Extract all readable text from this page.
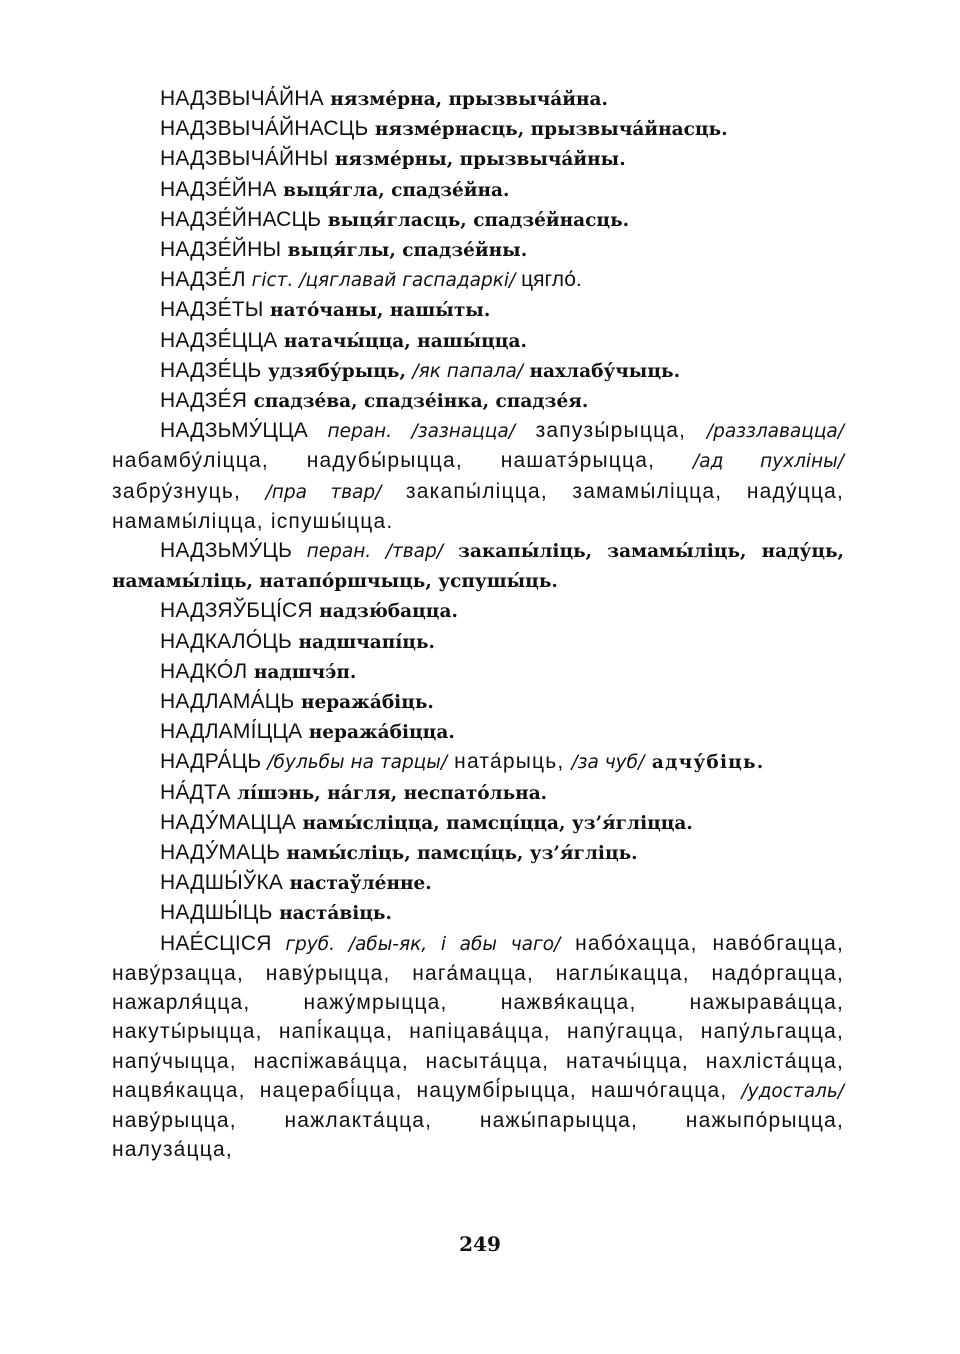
НАДЗВЫЧА́ЙНА нязме́рна, прызвыча́йна.

НАДЗВЫЧА́ЙНАСЦЬ нязме́рнасць, прызвыча́йнасць.

НАДЗВЫЧА́ЙНЫ нязме́рны, прызвыча́йны.

НАДЗЕ́ЙНА выця́гла, спадзе́йна.

НАДЗЕ́ЙНАСЦЬ выця́гласць, спадзе́йнасць.

НАДЗЕ́ЙНЫ выця́глы, спадзе́йны.

НАДЗЕ́Л гіст. /цяглавай гаспадаркі/ цягло́.

НАДЗЕ́ТЫ нато́чаны, нашы́ты.

НАДЗЕ́ЦЦА натачы́цца, нашы́цца.

НАДЗЕ́ЦЬ удзябу́рыць, /як папала/ нахлабу́чыць.

НАДЗЕ́Я спадзе́ва, спадзе́інка, спадзе́я.

НАДЗЬМУ́ЦЦА перан. /зазнацца/ запузы́рыцца, /раззлавацца/ набамбу́ліцца, надубы́рыцца, нашатэ́рыцца, /ад пухліны/ забру́знуць, /пра твар/ закапы́ліцца, замамы́ліцца, наду́цца, намамы́ліцца, іспушы́цца.

НАДЗЬМУ́ЦЬ перан. /твар/ закапы́ліць, замамы́ліць, наду́ць, намамы́ліць, натапо́ршчыць, успушы́ць.

НАДЗЯЎБЦІ́СЯ надзю́бацца.

НАДКАЛО́ЦЬ надшчапі́ць.

НАДКО́Л надшчэ́п.

НАДЛАМА́ЦЬ неража́біць.

НАДЛАМІ́ЦЦА неража́біцца.

НАДРА́ЦЬ /бульбы на тарцы/ ната́рыць, /за чуб/ адчу́біць.

НА́ДТА лі́шэнь, на́гля, неспато́льна.

НАДУ́МАЦЦА намы́сліцца, памсці́цца, уз’я́гліцца.

НАДУ́МАЦЬ намы́сліць, памсці́ць, уз’я́гліць.

НАДШЫ́ЎКА настаўле́нне.

НАДШЫ́ЦЬ наста́віць.

НАЕ́СЦІСЯ груб. /абы-як, і абы чаго/ набо́хацца, наво́бгацца, наву́рзацца, наву́рыцца, нага́мацца, наглы́кацца, надо́ргацца, нажарля́цца, нажу́мрыцца, нажвя́кацца, нажырава́цца, накуты́рыцца, напі́кацца, напіцава́цца, напу́гацца, напу́льгацца, напу́чыцца, наспіжава́цца, насыта́цца, натачы́цца, нахліста́цца, нацвя́кацца, нацерабі́цца, нацумбі́рыцца, нашчо́гацца, /удосталь/ наву́рыцца, нажлакта́цца, нажы́парыцца, нажыпо́рыцца, налуза́цца,

249
